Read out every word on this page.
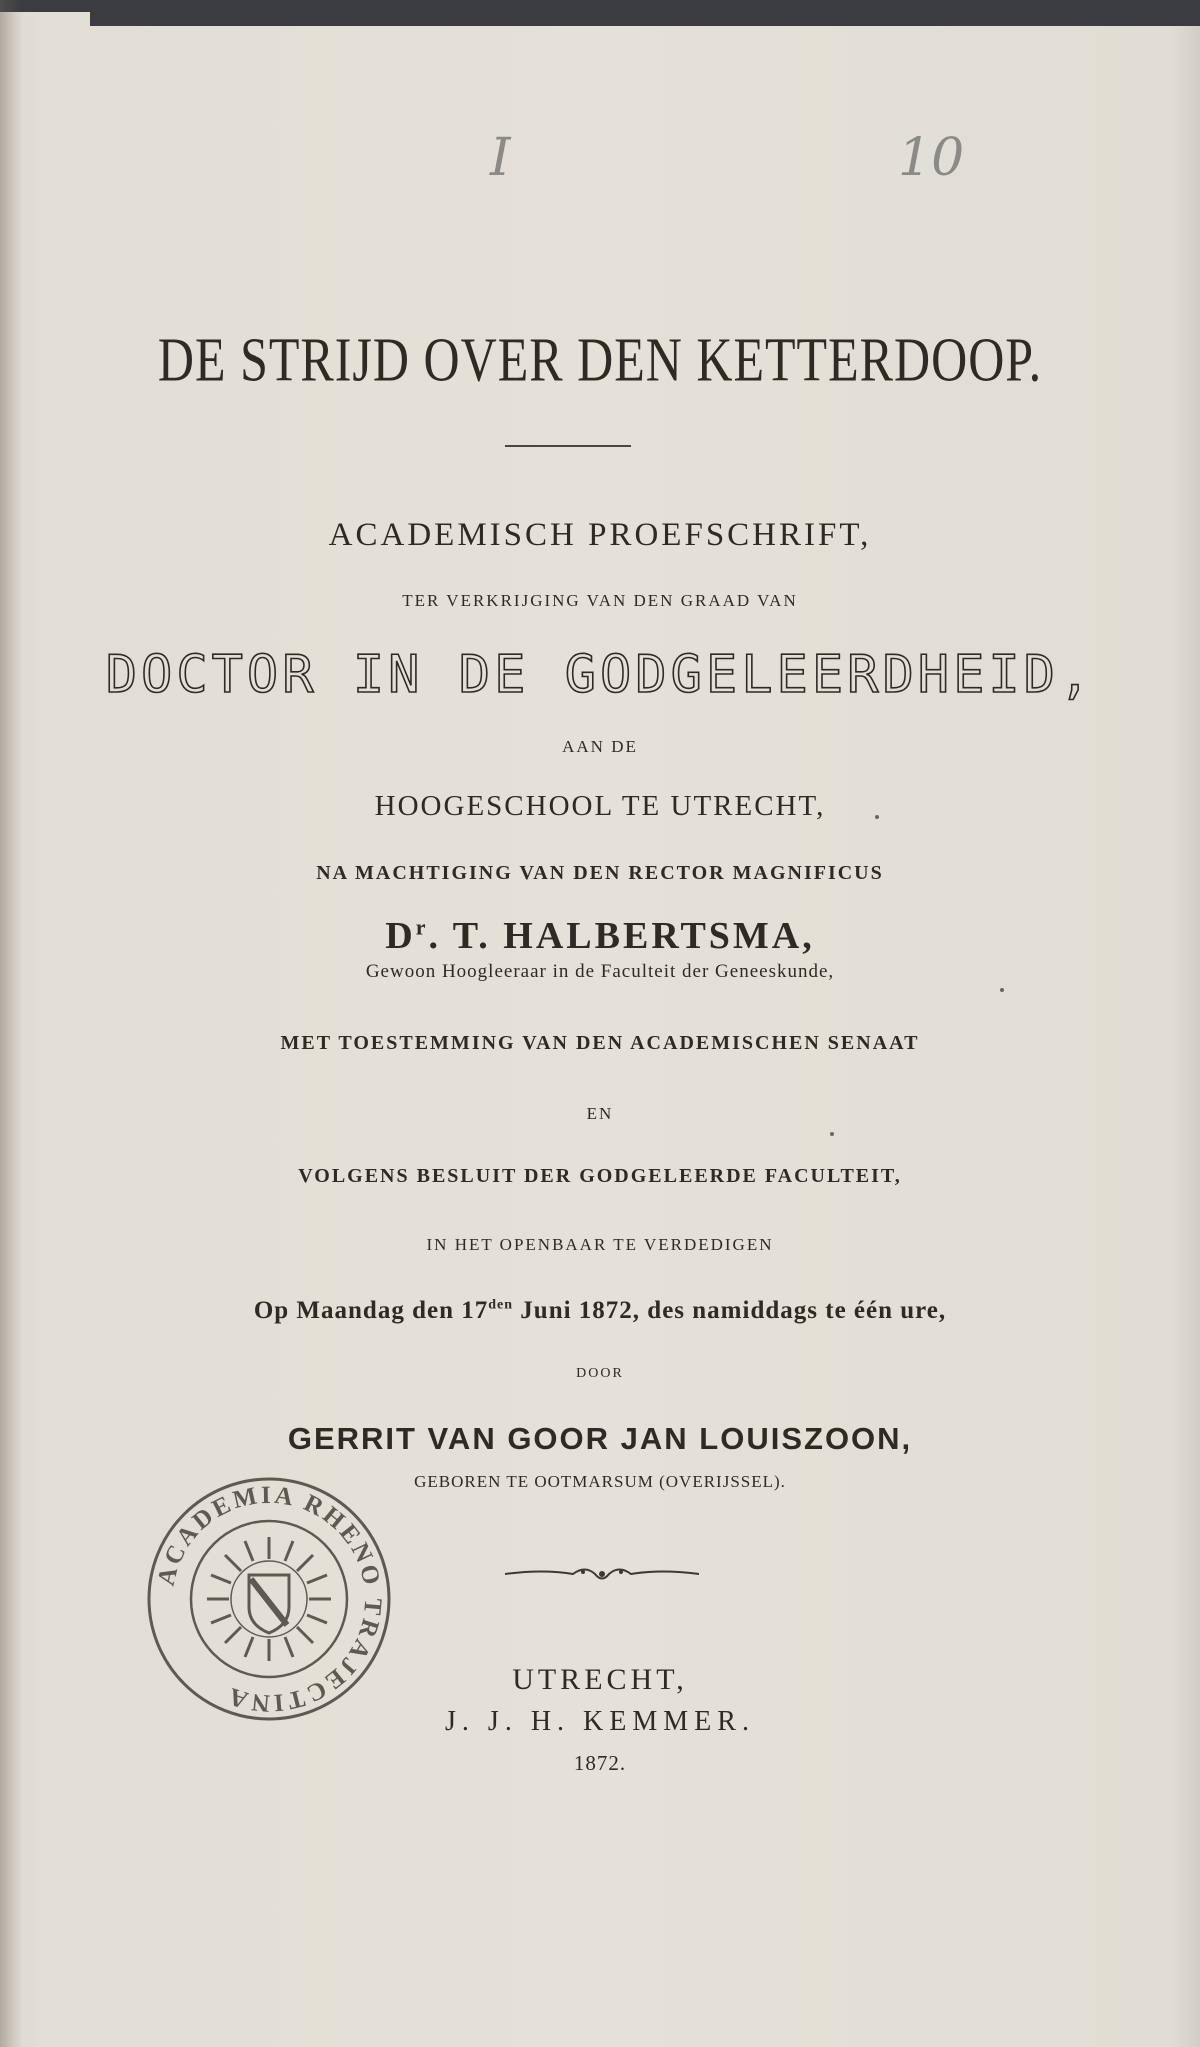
I	10
DE STRIJD OVER DEN KETTERDOOP.
ACADEMISCH PROEFSCHRIFT,
TER VERKRIJGING VAN DEN GRAAD VAN
DOCTOR IN DE GODGELEERDHEID,
AAN DE
HOOGESCHOOL TE UTRECHT,
NA MACHTIGING VAN DEN RECTOR MAGNIFICUS
$D^r$. T. HALBERTSMA,
Gewoon Hoogleeraar in de Faculteit der Geneeskunde,
MET TOESTEMMING VAN DEN ACADEMISCHEN SENAAT
EN
VOLGENS BESLUIT DER GODGELEERDE FACULTEIT,
IN HET OPENBAAR TE VERDEDIGEN
Op Maandag den $17^{den}$ Juni 1872, des namiddags te één ure,
DOOR
GERRIT VAN GOOR JAN LOUISZOON,
GEBOREN TE OOTMARSUM (OVERIJSSEL).
ACADEMIA RHENO TRAJECTINA
UTRECHT,
J. J. H. KEMMER.
1872.
